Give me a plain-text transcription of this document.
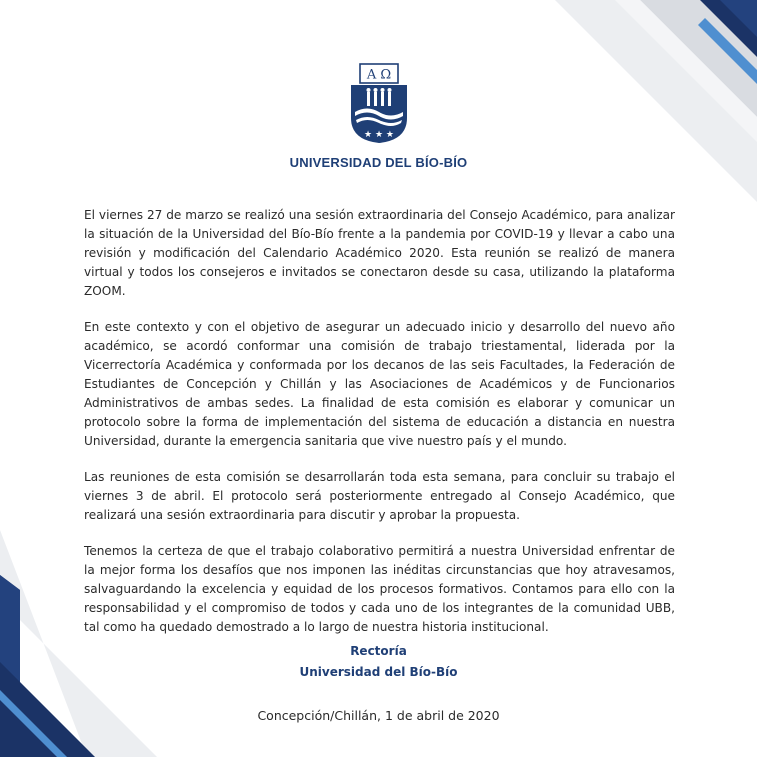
A Ω
★ ★ ★
UNIVERSIDAD DEL BÍO-BÍO

El viernes 27 de marzo se realizó una sesión extraordinaria del Consejo Académico, para analizar la situación de la Universidad del Bío-Bío frente a la pandemia por COVID-19 y llevar a cabo una revisión y modificación del Calendario Académico 2020. Esta reunión se realizó de manera virtual y todos los consejeros e invitados se conectaron desde su casa, utilizando la plataforma ZOOM.

En este contexto y con el objetivo de asegurar un adecuado inicio y desarrollo del nuevo año académico, se acordó conformar una comisión de trabajo triestamental, liderada por la Vicerrectoría Académica y conformada por los decanos de las seis Facultades, la Federación de Estudiantes de Concepción y Chillán y las Asociaciones de Académicos y de Funcionarios Administrativos de ambas sedes. La finalidad de esta comisión es elaborar y comunicar un protocolo sobre la forma de implementación del sistema de educación a distancia en nuestra Universidad, durante la emergencia sanitaria que vive nuestro país y el mundo.

Las reuniones de esta comisión se desarrollarán toda esta semana, para concluir su trabajo el viernes 3 de abril. El protocolo será posteriormente entregado al Consejo Académico, que realizará una sesión extraordinaria para discutir y aprobar la propuesta.

Tenemos la certeza de que el trabajo colaborativo permitirá a nuestra Universidad enfrentar de la mejor forma los desafíos que nos imponen las inéditas circunstancias que hoy atravesamos, salvaguardando la excelencia y equidad de los procesos formativos. Contamos para ello con la responsabilidad y el compromiso de todos y cada uno de los integrantes de la comunidad UBB, tal como ha quedado demostrado a lo largo de nuestra historia institucional.

Rectoría
Universidad del Bío-Bío
Concepción/Chillán, 1 de abril de 2020
